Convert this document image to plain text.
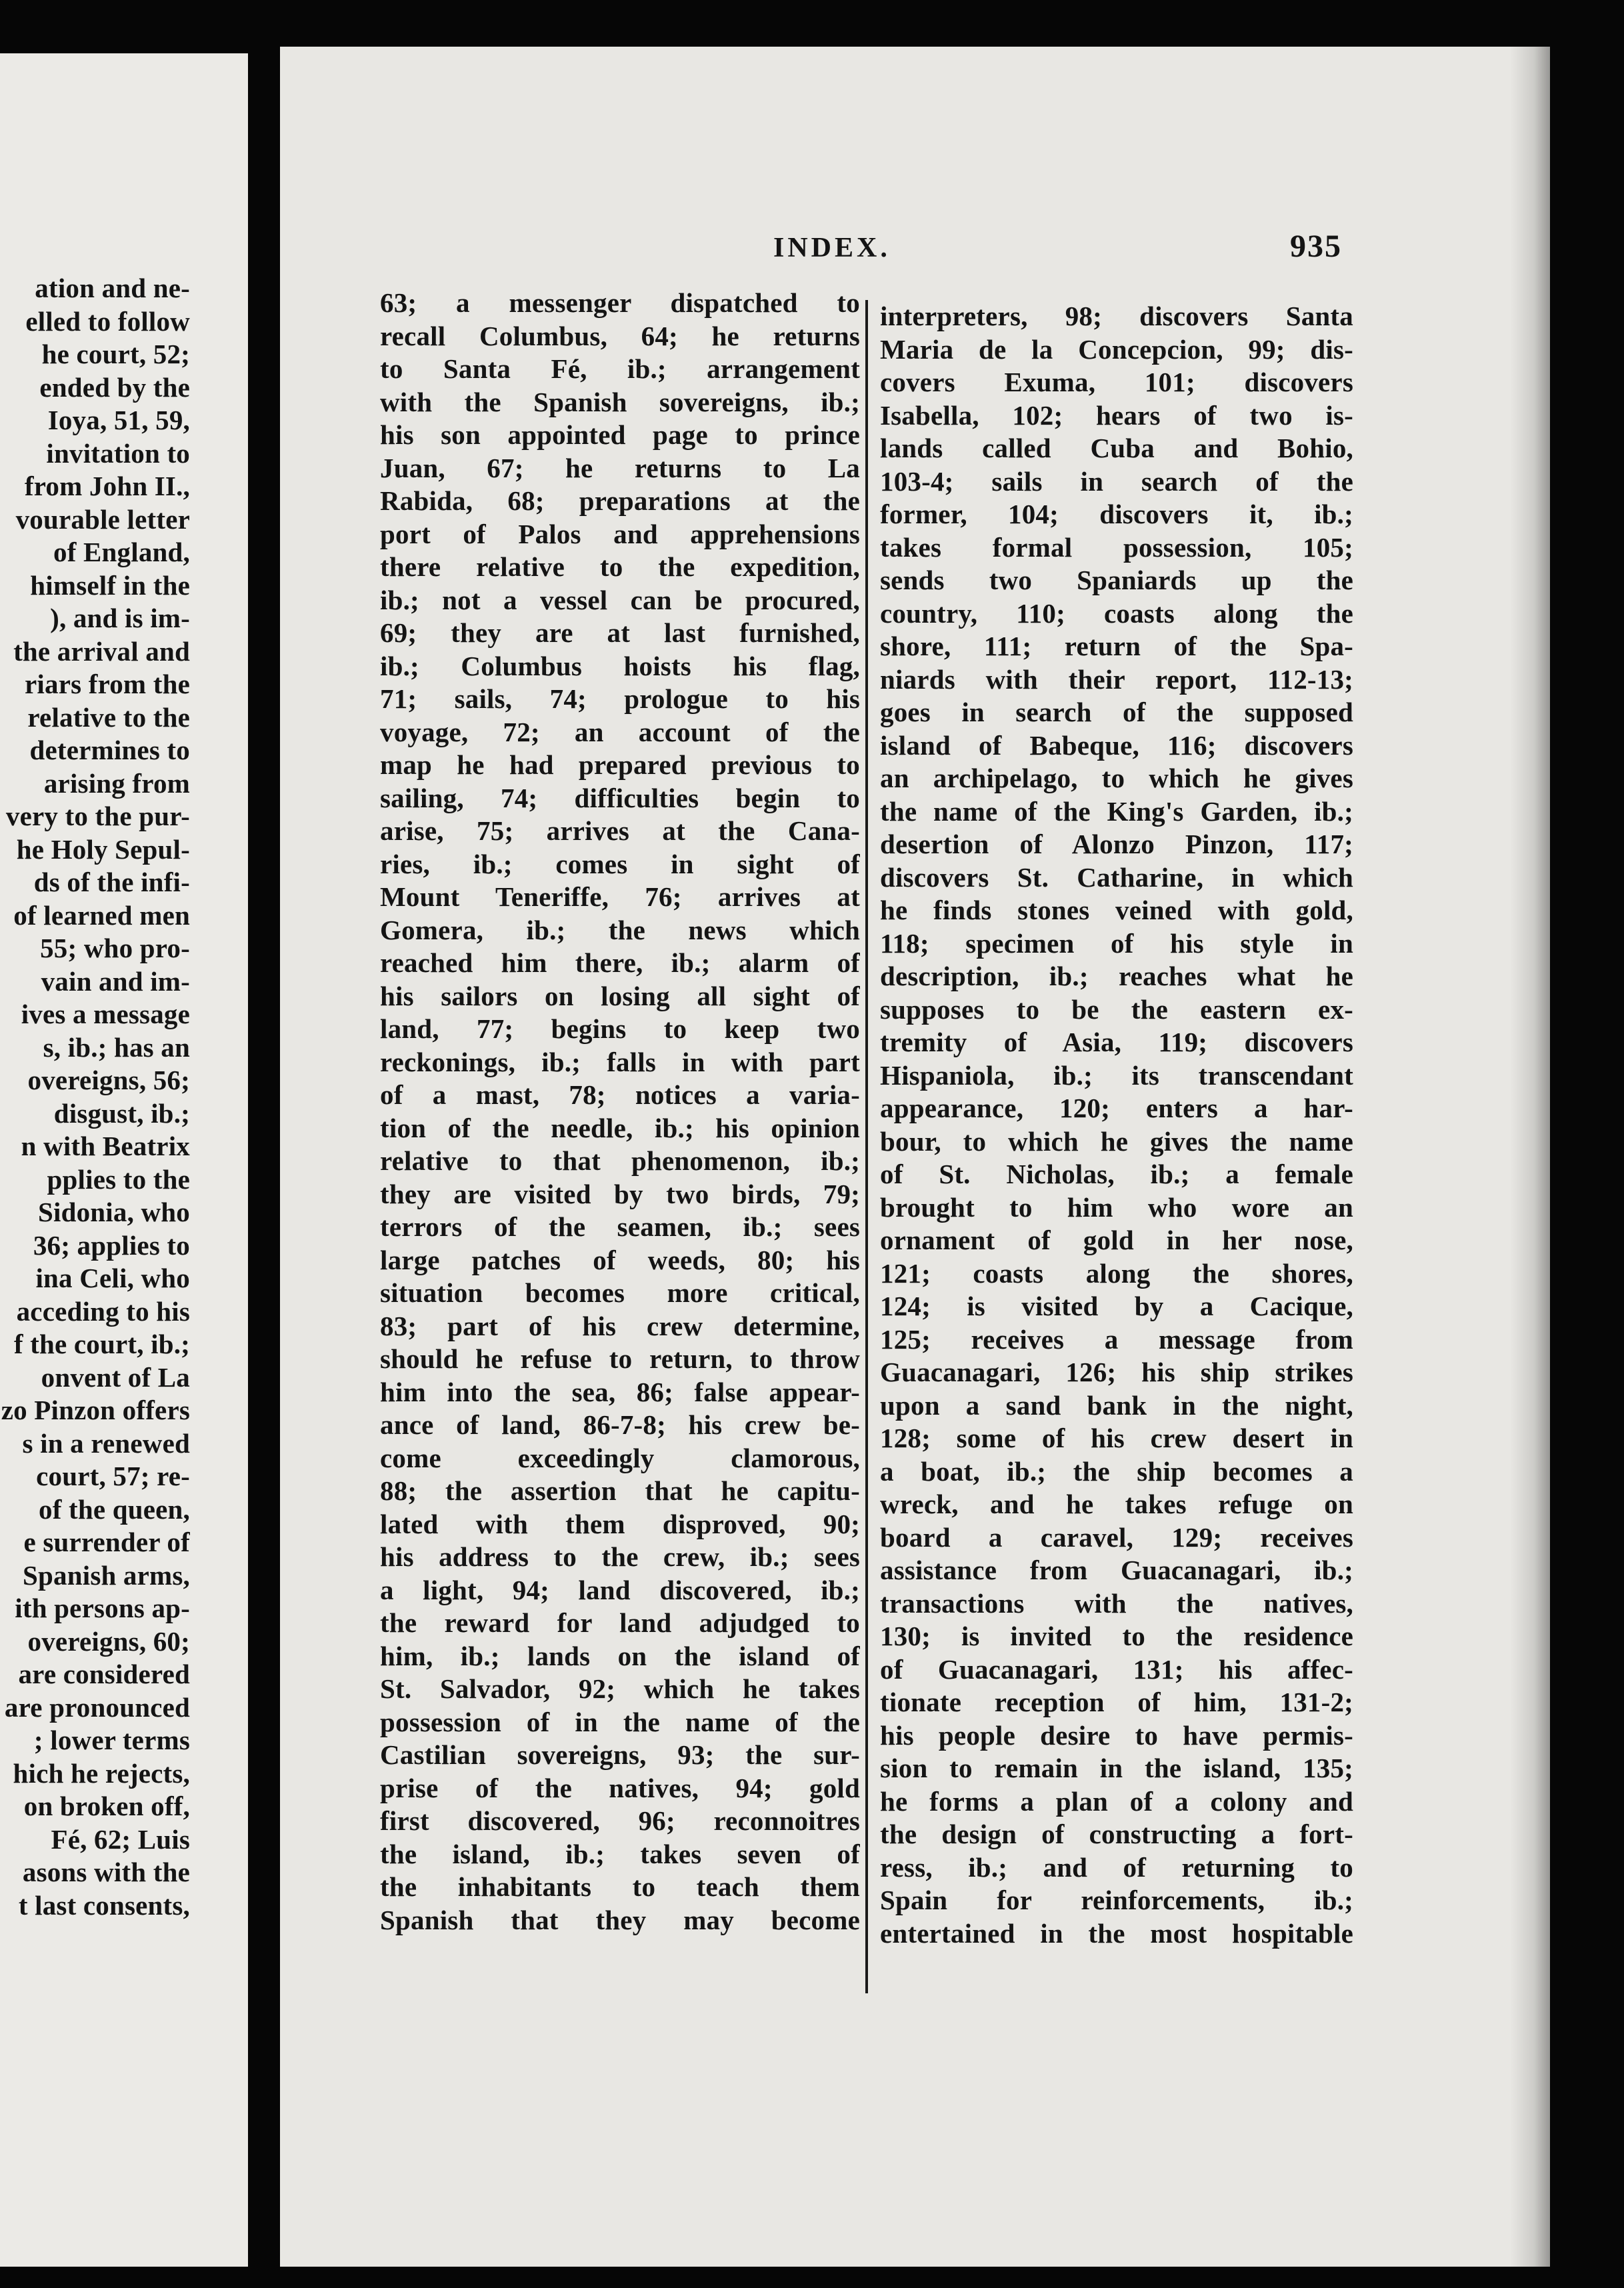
ation and ne-
elled to follow
he court, 52;
ended by the
Ioya, 51, 59,
invitation to
from John II.,
vourable letter
of England,
himself in the
), and is im-
the arrival and
riars from the
relative to the
determines to
arising from
very to the pur-
he Holy Sepul-
ds of the infi-
of learned men
55; who pro-
vain and im-
ives a message
s, ib.; has an
overeigns, 56;
disgust, ib.;
n with Beatrix
pplies to the
Sidonia, who
36; applies to
ina Celi, who
acceding to his
f the court, ib.;
onvent of La
zo Pinzon offers
s in a renewed
court, 57; re-
of the queen,
e surrender of
Spanish arms,
ith persons ap-
overeigns, 60;
are considered
are pronounced
; lower terms
hich he rejects,
on broken off,
Fé, 62; Luis
asons with the
t last consents,

INDEX.	935

63; a messenger dispatched to
recall Columbus, 64; he returns
to Santa Fé, ib.; arrangement
with the Spanish sovereigns, ib.;
his son appointed page to prince
Juan, 67; he returns to La
Rabida, 68; preparations at the
port of Palos and apprehensions
there relative to the expedition,
ib.; not a vessel can be procured,
69; they are at last furnished,
ib.; Columbus hoists his flag,
71; sails, 74; prologue to his
voyage, 72; an account of the
map he had prepared previous to
sailing, 74; difficulties begin to
arise, 75; arrives at the Cana-
ries, ib.; comes in sight of
Mount Teneriffe, 76; arrives at
Gomera, ib.; the news which
reached him there, ib.; alarm of
his sailors on losing all sight of
land, 77; begins to keep two
reckonings, ib.; falls in with part
of a mast, 78; notices a varia-
tion of the needle, ib.; his opinion
relative to that phenomenon, ib.;
they are visited by two birds, 79;
terrors of the seamen, ib.; sees
large patches of weeds, 80; his
situation becomes more critical,
83; part of his crew determine,
should he refuse to return, to throw
him into the sea, 86; false appear-
ance of land, 86-7-8; his crew be-
come exceedingly clamorous,
88; the assertion that he capitu-
lated with them disproved, 90;
his address to the crew, ib.; sees
a light, 94; land discovered, ib.;
the reward for land adjudged to
him, ib.; lands on the island of
St. Salvador, 92; which he takes
possession of in the name of the
Castilian sovereigns, 93; the sur-
prise of the natives, 94; gold
first discovered, 96; reconnoitres
the island, ib.; takes seven of
the inhabitants to teach them
Spanish that they may become
interpreters, 98; discovers Santa
Maria de la Concepcion, 99; dis-
covers Exuma, 101; discovers
Isabella, 102; hears of two is-
lands called Cuba and Bohio,
103-4; sails in search of the
former, 104; discovers it, ib.;
takes formal possession, 105;
sends two Spaniards up the
country, 110; coasts along the
shore, 111; return of the Spa-
niards with their report, 112-13;
goes in search of the supposed
island of Babeque, 116; discovers
an archipelago, to which he gives
the name of the King's Garden, ib.;
desertion of Alonzo Pinzon, 117;
discovers St. Catharine, in which
he finds stones veined with gold,
118; specimen of his style in
description, ib.; reaches what he
supposes to be the eastern ex-
tremity of Asia, 119; discovers
Hispaniola, ib.; its transcendant
appearance, 120; enters a har-
bour, to which he gives the name
of St. Nicholas, ib.; a female
brought to him who wore an
ornament of gold in her nose,
121; coasts along the shores,
124; is visited by a Cacique,
125; receives a message from
Guacanagari, 126; his ship strikes
upon a sand bank in the night,
128; some of his crew desert in
a boat, ib.; the ship becomes a
wreck, and he takes refuge on
board a caravel, 129; receives
assistance from Guacanagari, ib.;
transactions with the natives,
130; is invited to the residence
of Guacanagari, 131; his affec-
tionate reception of him, 131-2;
his people desire to have permis-
sion to remain in the island, 135;
he forms a plan of a colony and
the design of constructing a fort-
ress, ib.; and of returning to
Spain for reinforcements, ib.;
entertained in the most hospitable
